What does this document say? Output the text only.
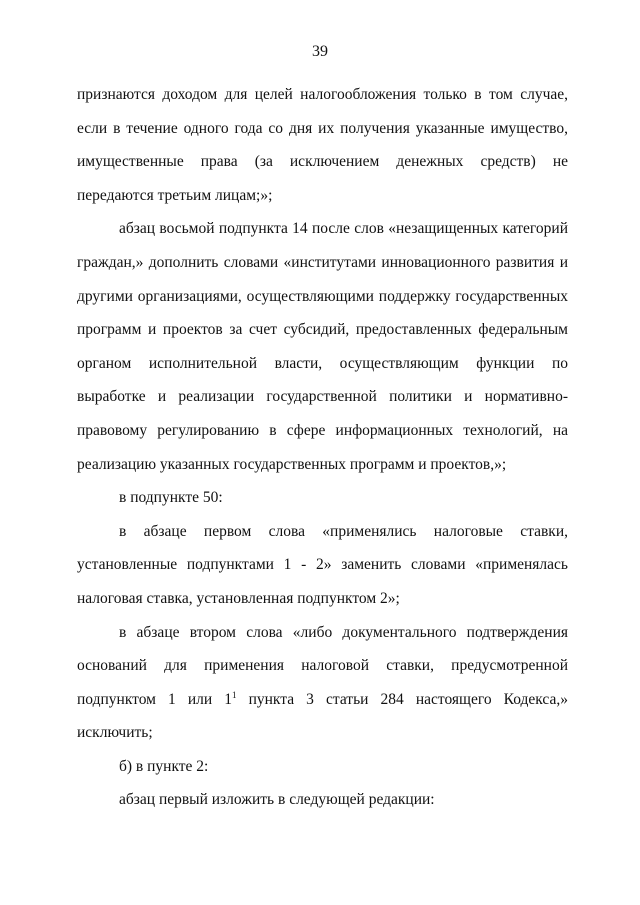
39

признаются доходом для целей налогообложения только в том случае, если в течение одного года со дня их получения указанные имущество, имущественные права (за исключением денежных средств) не передаются третьим лицам;»;

абзац восьмой подпункта 14 после слов «незащищенных категорий граждан,» дополнить словами «институтами инновационного развития и другими организациями, осуществляющими поддержку государственных программ и проектов за счет субсидий, предоставленных федеральным органом исполнительной власти, осуществляющим функции по выработке и реализации государственной политики и нормативно-правовому регулированию в сфере информационных технологий, на реализацию указанных государственных программ и проектов,»;

в подпункте 50:

в абзаце первом слова «применялись налоговые ставки, установленные подпунктами 1 - 2» заменить словами «применялась налоговая ставка, установленная подпунктом 2»;

в абзаце втором слова «либо документального подтверждения оснований для применения налоговой ставки, предусмотренной подпунктом 1 или $1^1$ пункта 3 статьи 284 настоящего Кодекса,» исключить;

б) в пункте 2:

абзац первый изложить в следующей редакции:
